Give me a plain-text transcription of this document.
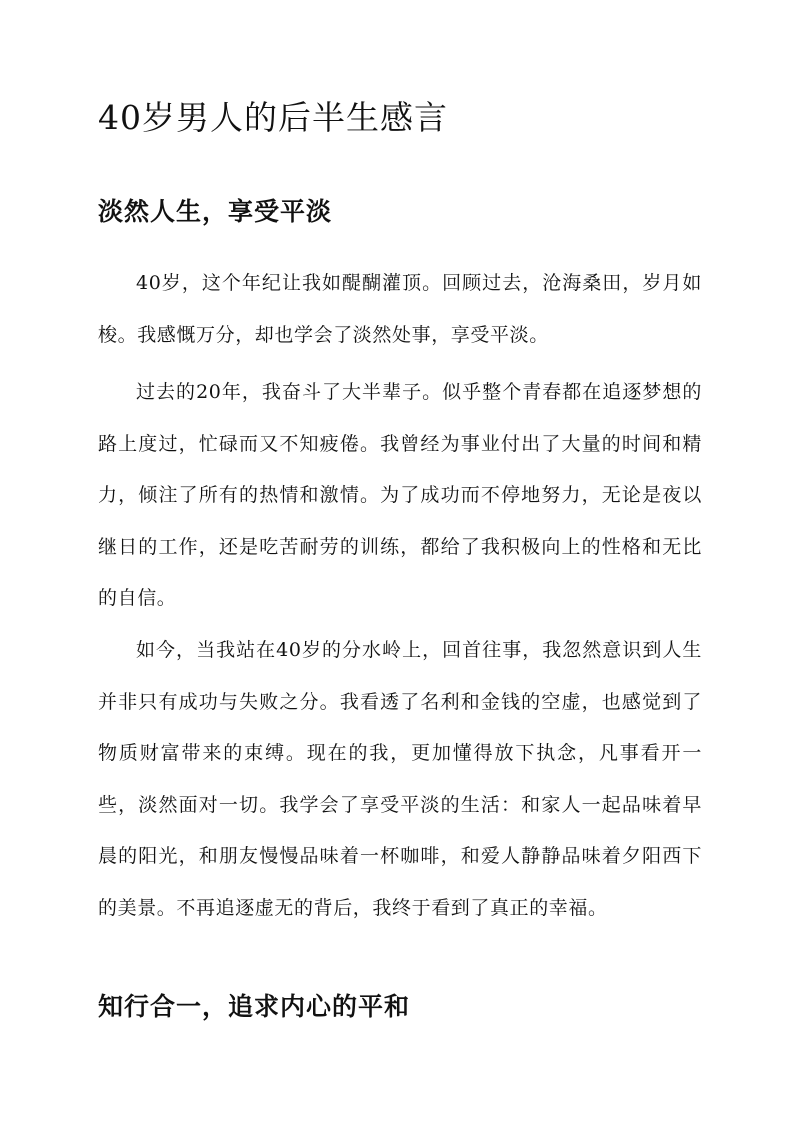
40岁男人的后半生感言
淡然人生，享受平淡

40岁，这个年纪让我如醍醐灌顶。回顾过去，沧海桑田，岁月如梭。我感慨万分，却也学会了淡然处事，享受平淡。

过去的20年，我奋斗了大半辈子。似乎整个青春都在追逐梦想的路上度过，忙碌而又不知疲倦。我曾经为事业付出了大量的时间和精力，倾注了所有的热情和激情。为了成功而不停地努力，无论是夜以继日的工作，还是吃苦耐劳的训练，都给了我积极向上的性格和无比的自信。

如今，当我站在40岁的分水岭上，回首往事，我忽然意识到人生并非只有成功与失败之分。我看透了名利和金钱的空虚，也感觉到了物质财富带来的束缚。现在的我，更加懂得放下执念，凡事看开一些，淡然面对一切。我学会了享受平淡的生活：和家人一起品味着早晨的阳光，和朋友慢慢品味着一杯咖啡，和爱人静静品味着夕阳西下的美景。不再追逐虚无的背后，我终于看到了真正的幸福。

知行合一，追求内心的平和
